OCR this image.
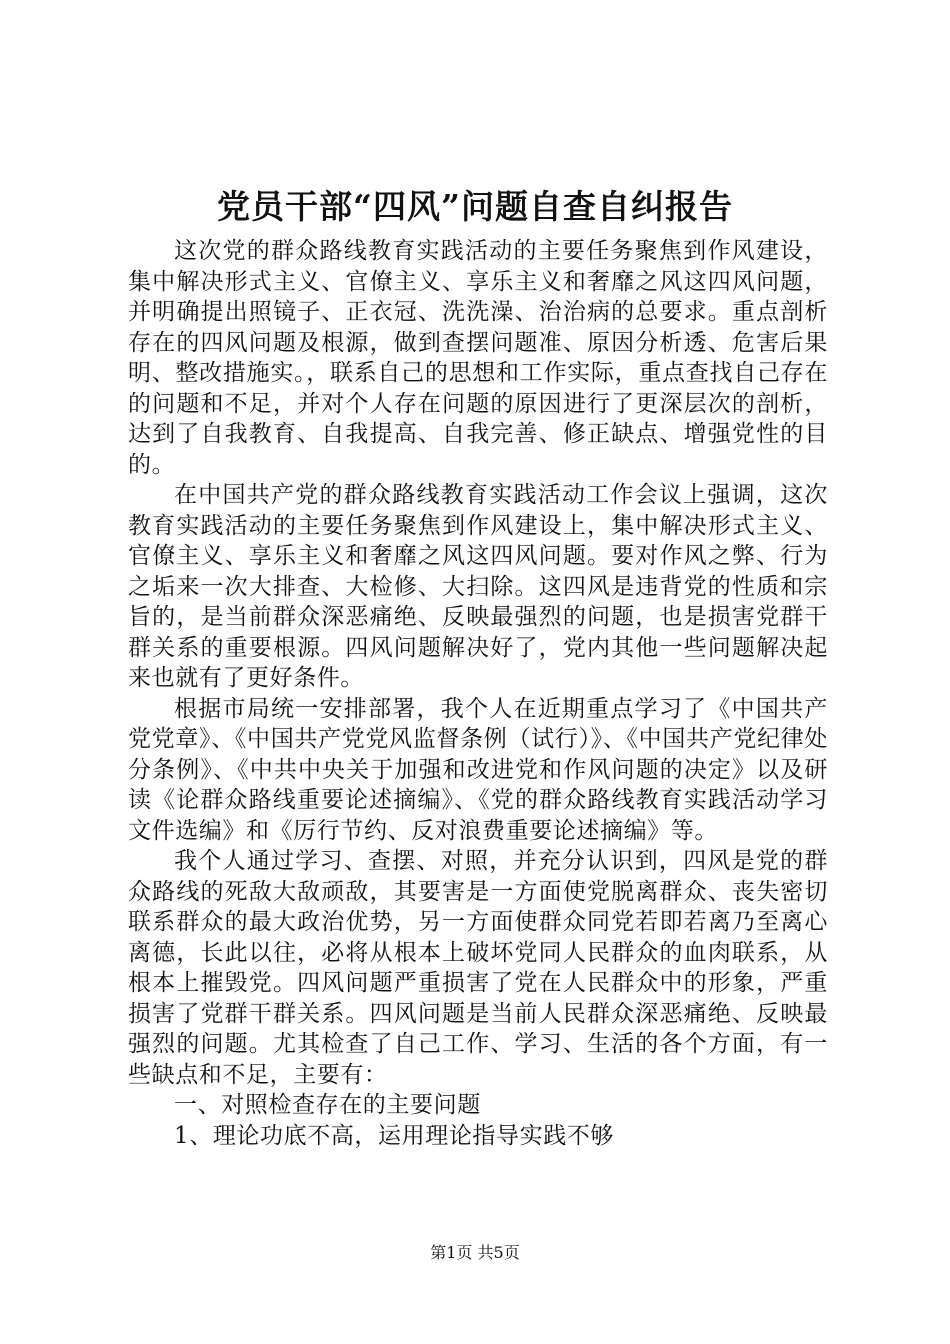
党员干部“四风”问题自查自纠报告

这次党的群众路线教育实践活动的主要任务聚焦到作风建设，集中解决形式主义、官僚主义、享乐主义和奢靡之风这四风问题，并明确提出照镜子、正衣冠、洗洗澡、治治病的总要求。重点剖析存在的四风问题及根源，做到查摆问题准、原因分析透、危害后果明、整改措施实。，联系自己的思想和工作实际，重点查找自己存在的问题和不足，并对个人存在问题的原因进行了更深层次的剖析，达到了自我教育、自我提高、自我完善、修正缺点、增强党性的目的。

在中国共产党的群众路线教育实践活动工作会议上强调，这次教育实践活动的主要任务聚焦到作风建设上，集中解决形式主义、官僚主义、享乐主义和奢靡之风这四风问题。要对作风之弊、行为之垢来一次大排查、大检修、大扫除。这四风是违背党的性质和宗旨的，是当前群众深恶痛绝、反映最强烈的问题，也是损害党群干群关系的重要根源。四风问题解决好了，党内其他一些问题解决起来也就有了更好条件。

根据市局统一安排部署，我个人在近期重点学习了《中国共产党党章》、《中国共产党党风监督条例（试行）》、《中国共产党纪律处分条例》、《中共中央关于加强和改进党和作风问题的决定》以及研读《论群众路线重要论述摘编》、《党的群众路线教育实践活动学习文件选编》和《厉行节约、反对浪费重要论述摘编》等。

我个人通过学习、查摆、对照，并充分认识到，四风是党的群众路线的死敌大敌顽敌，其要害是一方面使党脱离群众、丧失密切联系群众的最大政治优势，另一方面使群众同党若即若离乃至离心离德，长此以往，必将从根本上破坏党同人民群众的血肉联系，从根本上摧毁党。四风问题严重损害了党在人民群众中的形象，严重损害了党群干群关系。四风问题是当前人民群众深恶痛绝、反映最强烈的问题。尤其检查了自己工作、学习、生活的各个方面，有一些缺点和不足，主要有：

一、对照检查存在的主要问题

1、理论功底不高，运用理论指导实践不够

第1页 共5页
